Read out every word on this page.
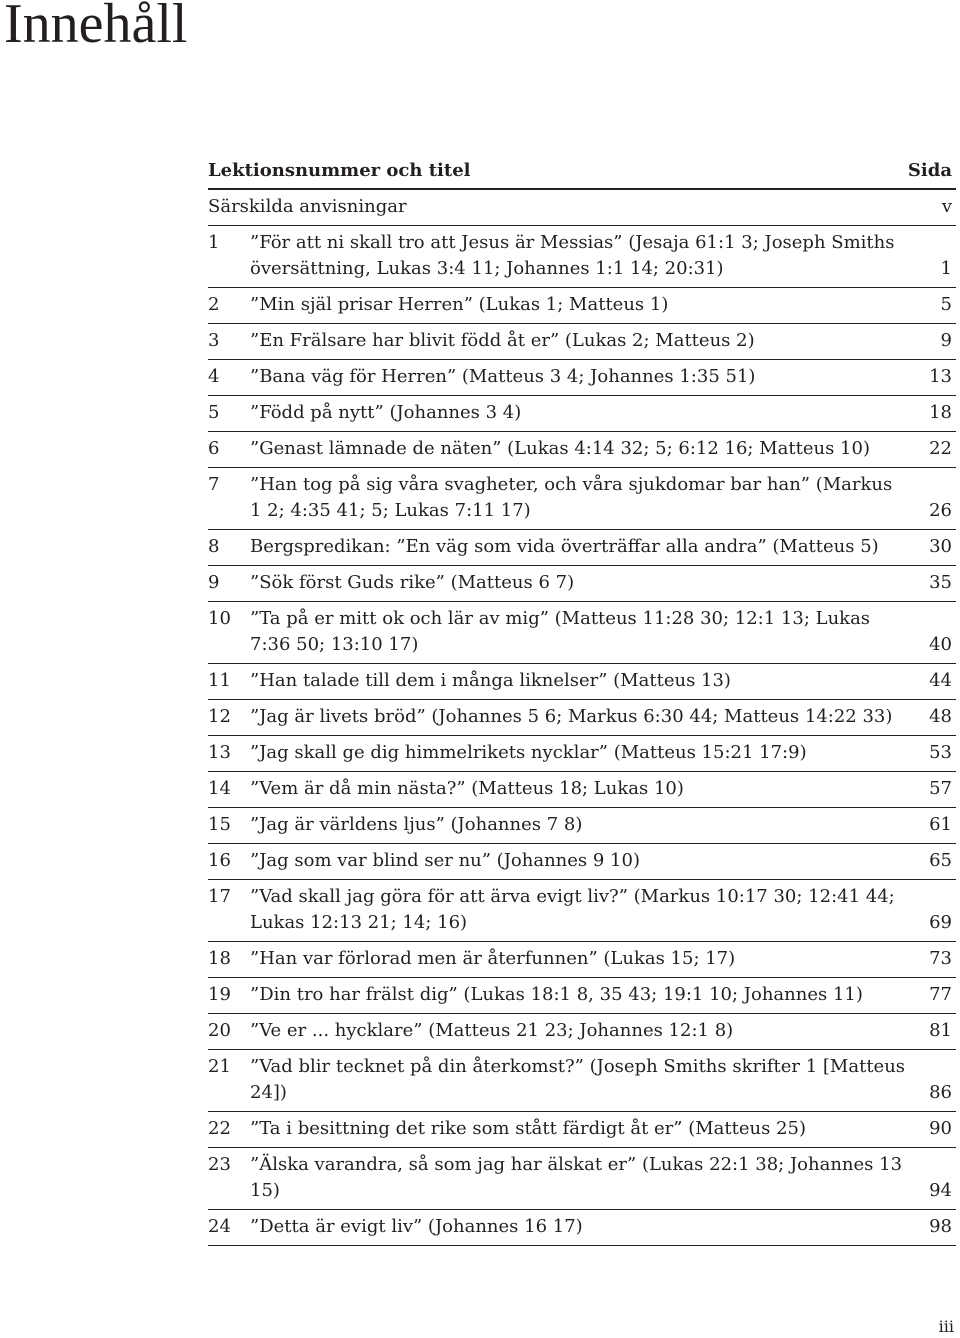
Innehåll
Lektionsnummer och titel	Sida
Särskilda anvisningar	v
1	”För att ni skall tro att Jesus är Messias” (Jesaja 61:1 3; Joseph Smiths översättning, Lukas 3:4 11; Johannes 1:1 14; 20:31)	1
2	”Min själ prisar Herren” (Lukas 1; Matteus 1)	5
3	”En Frälsare har blivit född åt er” (Lukas 2; Matteus 2)	9
4	”Bana väg för Herren” (Matteus 3 4; Johannes 1:35 51)	13
5	”Född på nytt” (Johannes 3 4)	18
6	”Genast lämnade de näten” (Lukas 4:14 32; 5; 6:12 16; Matteus 10)	22
7	”Han tog på sig våra svagheter, och våra sjukdomar bar han” (Markus 1 2; 4:35 41; 5; Lukas 7:11 17)	26
8	Bergspredikan: ”En väg som vida överträffar alla andra” (Matteus 5)	30
9	”Sök först Guds rike” (Matteus 6 7)	35
10	”Ta på er mitt ok och lär av mig” (Matteus 11:28 30; 12:1 13; Lukas 7:36 50; 13:10 17)	40
11	”Han talade till dem i många liknelser” (Matteus 13)	44
12	”Jag är livets bröd” (Johannes 5 6; Markus 6:30 44; Matteus 14:22 33)	48
13	”Jag skall ge dig himmelrikets nycklar” (Matteus 15:21 17:9)	53
14	”Vem är då min nästa?” (Matteus 18; Lukas 10)	57
15	”Jag är världens ljus” (Johannes 7 8)	61
16	”Jag som var blind ser nu” (Johannes 9 10)	65
17	”Vad skall jag göra för att ärva evigt liv?” (Markus 10:17 30; 12:41 44; Lukas 12:13 21; 14; 16)	69
18	”Han var förlorad men är återfunnen” (Lukas 15; 17)	73
19	”Din tro har frälst dig” (Lukas 18:1 8, 35 43; 19:1 10; Johannes 11)	77
20	”Ve er ... hycklare” (Matteus 21 23; Johannes 12:1 8)	81
21	”Vad blir tecknet på din återkomst?” (Joseph Smiths skrifter 1 [Matteus 24])	86
22	”Ta i besittning det rike som stått färdigt åt er” (Matteus 25)	90
23	”Älska varandra, så som jag har älskat er” (Lukas 22:1 38; Johannes 13 15)	94
24	”Detta är evigt liv” (Johannes 16 17)	98
iii
